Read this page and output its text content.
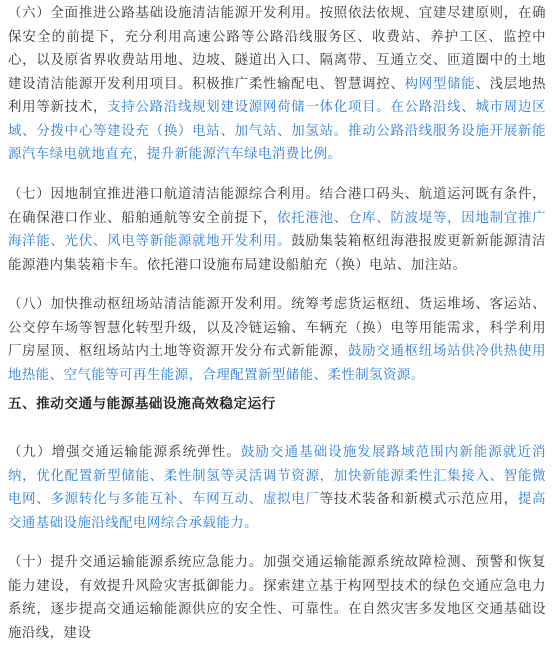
（六）全面推进公路基础设施清洁能源开发利用。按照依法依规、宜建尽建原则，在确保安全的前提下，充分利用高速公路等公路沿线服务区、收费站、养护工区、监控中心，以及原省界收费站用地、边坡、隧道出入口、隔离带、互通立交、匝道圈中的土地建设清洁能源开发利用项目。积极推广柔性输配电、智慧调控、构网型储能、浅层地热利用等新技术，支持公路沿线规划建设源网荷储一体化项目。在公路沿线、城市周边区域、分拨中心等建设充（换）电站、加气站、加氢站。推动公路沿线服务设施开展新能源汽车绿电就地直充，提升新能源汽车绿电消费比例。

（七）因地制宜推进港口航道清洁能源综合利用。结合港口码头、航道运河既有条件，在确保港口作业、船舶通航等安全前提下，依托港池、仓库、防波堤等，因地制宜推广海洋能、光伏、风电等新能源就地开发利用。鼓励集装箱枢纽海港报废更新新能源清洁能源港内集装箱卡车。依托港口设施布局建设船舶充（换）电站、加注站。

（八）加快推动枢纽场站清洁能源开发利用。统筹考虑货运枢纽、货运堆场、客运站、公交停车场等智慧化转型升级，以及冷链运输、车辆充（换）电等用能需求，科学利用厂房屋顶、枢纽场站内土地等资源开发分布式新能源，鼓励交通枢纽场站供冷供热使用地热能、空气能等可再生能源，合理配置新型储能、柔性制氢资源。

五、推动交通与能源基础设施高效稳定运行

（九）增强交通运输能源系统弹性。鼓励交通基础设施发展路域范围内新能源就近消纳，优化配置新型储能、柔性制氢等灵活调节资源，加快新能源柔性汇集接入、智能微电网、多源转化与多能互补、车网互动、虚拟电厂等技术装备和新模式示范应用，提高交通基础设施沿线配电网综合承载能力。

（十）提升交通运输能源系统应急能力。加强交通运输能源系统故障检测、预警和恢复能力建设，有效提升风险灾害抵御能力。探索建立基于构网型技术的绿色交通应急电力系统，逐步提高交通运输能源供应的安全性、可靠性。在自然灾害多发地区交通基础设施沿线，建设
